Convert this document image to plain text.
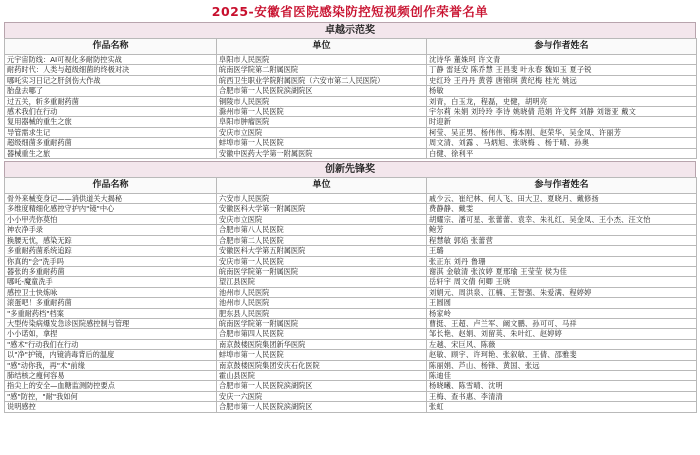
2025-安徽省医院感染防控短视频创作荣誉名单
卓越示范奖
作品名称	单位	参与作者姓名
元宇宙防线：AI可视化多耐防控实战	阜阳市人民医院	沈诗华 董姝珂 许文青
耐药时代：人类与超级细菌的终极对决	皖南医学院第二附属医院	丁静 雷延安 陈乔慧 王昌斐 叶永春 魏如玉 夏子锐
哪吒实习日记之肝剑伤大作战	皖西卫生职业学院附属医院（六安市第二人民医院）	史红玲 王丹丹 黄蓉 唐锦琪 黄纪梅 桂光 姚远
胎盘去哪了	合肥市第一人民医院滨湖院区	杨敏
过五关，斩多重耐药菌	铜陵市人民医院	刘青，白玉龙，程磊，史健，胡明亮
感术我们在行动	滁州市第一人民医院	宇尔莉 朱娟 刘玲玲 李诗 姚晓倩 范娟 许戈辉 刘静 刘谐亚 戴文
复用器械的重生之旅	阜阳市肿瘤医院	时迎新
导管需求生记	安庆市立医院	柯莹、吴正男、杨伟伟、梅本刚、赵荣华、吴金凤、许丽芳
超级细菌多重耐药菌	蚌埠市第一人民医院	周文清、刘露 、马炳旭、张晓梅 、杨于晴、孙奥
器械重生之旅	安徽中医药大学第一附属医院	白健、徐利平
创新先锋奖
作品名称	单位	参与作者姓名
骨外来械变身记——消供道关大揭秘	六安市人民医院	戚少云、崔纪林、何人飞、田大卫、夏晓月、戴修扬
多维度精细化感控守护内"镜"中心	安徽医科大学第一附属医院	费静静、戴雯
小小甲壳你莫怕	安庆市立医院	胡耀宗、潘可星、张蕾蕾、袁幸、朱礼红、吴金凤、王小杰、汪文怡
神农净手录	合肥市第八人民医院	鲍芳
换腰无忧，感染无踪	合肥市第二人民医院	程慧敏 郭焰 张蕾营
多重耐药菌系统追踪	安徽医科大学第五附属医院	王璐
你真的"会"洗手吗	安庆市第一人民医院	张正东 刘丹 鲁珊
器张的多重耐药菌	皖南医学院第一附属医院	谢淇 金敏清 张汝婷 夏邢瑜 王莹莹 侯为佳
哪吒-魔童洗手	望江县医院	岳轩宇 周文倩 何卿 王晓
感控卫士快炼咏	池州市人民医院	刘娟元、周洪泉、江楠、王智强、朱爱满、程婷婷
滚蛋吧！多重耐药菌	池州市人民医院	王圆圆
"多重耐药档"档案	肥东县人民医院	杨家岭
大型传染病爆发急诊医院感控制与管理	皖南医学院第一附属医院	曹挺、王超、卢兰军、阚文鹏、孙可可、马祥
小小诺如，拿捏	合肥市第四人民医院	邹长艳、赵娟、刘留英、朱叶红、赵婷婷
"感术"行动我们在行动	南京鼓楼医院集团新华医院	左越、宋巨风、陈薇
以"净"护镜，内镜消毒背后的温度	蚌埠市第一人民医院	赵敏、顾宇、许珂艳、张叙敏、王倩、邵雅斐
"感"动你我，再"术"前缘	南京鼓楼医院集团安庆石化医院	陈丽娟、芦山、杨锋、黄国、张远
肺结核之瘦何容易	霍山县医院	陈迪佳
指尖上的安全—血糖监测防控要点	合肥市第一人民医院滨湖院区	杨晓曦、陈雪晴、沈明
"感"防控，"耐"我如何	安庆一六医院	王梅、查书惠、李清清
说明感控	合肥市第一人民医院滨湖院区	张虹
